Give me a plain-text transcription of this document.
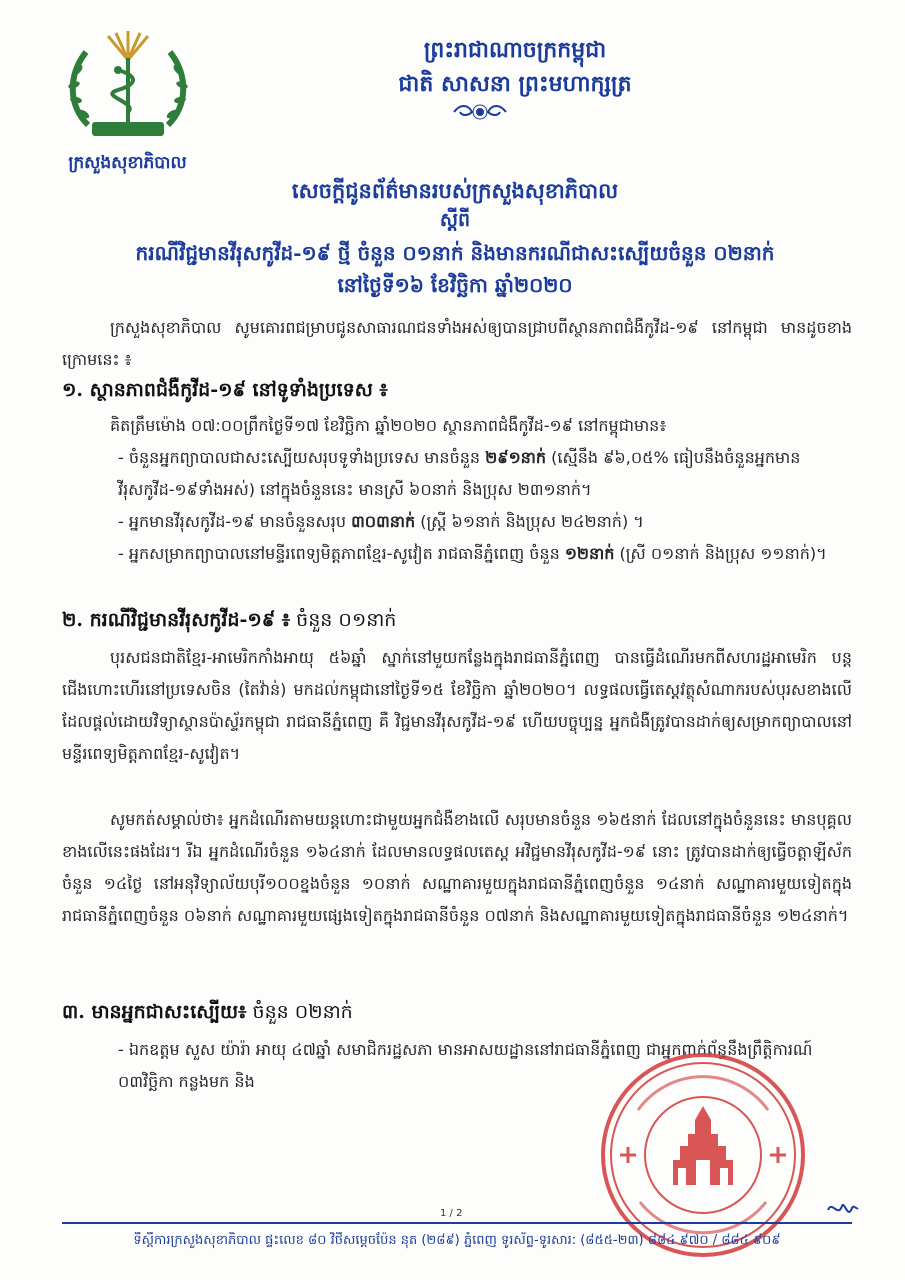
ក្រសួងសុខាភិបាល
ព្រះរាជាណាចក្រកម្ពុជា
ជាតិ សាសនា ព្រះមហាក្សត្រ
សេចក្តីជូនព័ត៌មានរបស់ក្រសួងសុខាភិបាល
ស្តីពី
ករណីវិជ្ជមានវីរុសកូវីដ-១៩ ថ្មី ចំនួន ០១នាក់ និងមានករណីជាសះស្បើយចំនួន ០២នាក់
នៅថ្ងៃទី១៦ ខែវិច្ឆិកា ឆ្នាំ២០២០
ក្រសួងសុខាភិបាល សូមគោរពជម្រាបជូនសាធារណជនទាំងអស់ឲ្យបានជ្រាបពីស្ថានភាពជំងឺកូវីដ-១៩ នៅកម្ពុជា មានដូចខាងក្រោមនេះ ៖
១. ស្ថានភាពជំងឺកូវីដ-១៩ នៅទូទាំងប្រទេស ៖
គិតត្រឹមម៉ោង ០៧:០០ព្រឹកថ្ងៃទី១៧ ខែវិច្ឆិកា ឆ្នាំ២០២០ ស្ថានភាពជំងឺកូវីដ-១៩ នៅកម្ពុជាមាន៖
- ចំនួនអ្នកព្យាបាលជាសះស្បើយសរុបទូទាំងប្រទេស មានចំនួន ២៩១នាក់ (ស្មើនឹង ៩៦,០៥% ធៀបនឹងចំនួនអ្នកមានវីរុសកូវីដ-១៩ទាំងអស់) នៅក្នុងចំនួននេះ មានស្រី ៦០នាក់ និងប្រុស ២៣១នាក់។
- អ្នកមានវីរុសកូវីដ-១៩ មានចំនួនសរុប ៣០៣នាក់ (ស្ត្រី ៦១នាក់ និងប្រុស ២៤២នាក់) ។
- អ្នកសម្រាកព្យាបាលនៅមន្ទីរពេទ្យមិត្តភាពខ្មែរ-សូវៀត រាជធានីភ្នំពេញ ចំនួន ១២នាក់ (ស្រី ០១នាក់ និងប្រុស ១១នាក់)។
២. ករណីវិជ្ជមានវីរុសកូវីដ-១៩ ៖ ចំនួន ០១នាក់
បុរសជនជាតិខ្មែរ-អាមេរិកកាំងអាយុ ៥៦ឆ្នាំ ស្នាក់នៅមួយកន្លែងក្នុងរាជធានីភ្នំពេញ បានធ្វើដំណើរមកពីសហរដ្ឋអាមេរិក បន្តជើងហោះហើរនៅប្រទេសចិន (តៃវ៉ាន់) មកដល់កម្ពុជានៅថ្ងៃទី១៥ ខែវិច្ឆិកា ឆ្នាំ២០២០។ លទ្ធផលធ្វើតេស្តវត្ថុសំណាករបស់បុរសខាងលើ ដែលផ្តល់ដោយវិទ្យាស្ថានប៉ាស្ទ័រកម្ពុជា រាជធានីភ្នំពេញ គឺ វិជ្ជមានវីរុសកូវីដ-១៩ ហើយបច្ចុប្បន្ន អ្នកជំងឺត្រូវបានដាក់ឲ្យសម្រាកព្យាបាលនៅមន្ទីរពេទ្យមិត្តភាពខ្មែរ-សូវៀត។
សូមកត់សម្គាល់ថា៖ អ្នកដំណើរតាមយន្តហោះជាមួយអ្នកជំងឺខាងលើ សរុបមានចំនួន ១៦៥នាក់ ដែលនៅក្នុងចំនួននេះ មានបុគ្គលខាងលើនេះផងដែរ។ រីឯ អ្នកដំណើរចំនួន ១៦៤នាក់ ដែលមានលទ្ធផលតេស្ត អវិជ្ជមានវីរុសកូវីដ-១៩ នោះ ត្រូវបានដាក់ឲ្យធ្វើចត្តាឡីស័កចំនួន ១៤ថ្ងៃ នៅអនុវិទ្យាល័យបុរី១០០ខ្នងចំនួន ១០នាក់ សណ្ឋាគារមួយក្នុងរាជធានីភ្នំពេញចំនួន ១៤នាក់ សណ្ឋាគារមួយទៀតក្នុងរាជធានីភ្នំពេញចំនួន ០៦នាក់ សណ្ឋាគារមួយផ្សេងទៀតក្នុងរាជធានីចំនួន ០៧នាក់ និងសណ្ឋាគារមួយទៀតក្នុងរាជធានីចំនួន ១២៤នាក់។
៣. មានអ្នកជាសះស្បើយ៖ ចំនួន ០២នាក់
- ឯកឧត្តម សួស យ៉ារ៉ា អាយុ ៤៧ឆ្នាំ សមាជិករដ្ឋសភា មានអាសយដ្ឋាននៅរាជធានីភ្នំពេញ ជាអ្នកពាក់ព័ន្ធនឹងព្រឹត្តិការណ៍ ០៣វិច្ឆិកា កន្លងមក និង
1 / 2
ទីស្តីការក្រសួងសុខាភិបាល ផ្ទះលេខ ៨០ វិថីសម្តេចប៉ែន នុត (២៨៩) ភ្នំពេញ ទូរស័ព្ទ-ទូរសារ: (៨៥៥-២៣) ៨៨៤ ៩៧០ / ៨៨៤ ៩០៩
